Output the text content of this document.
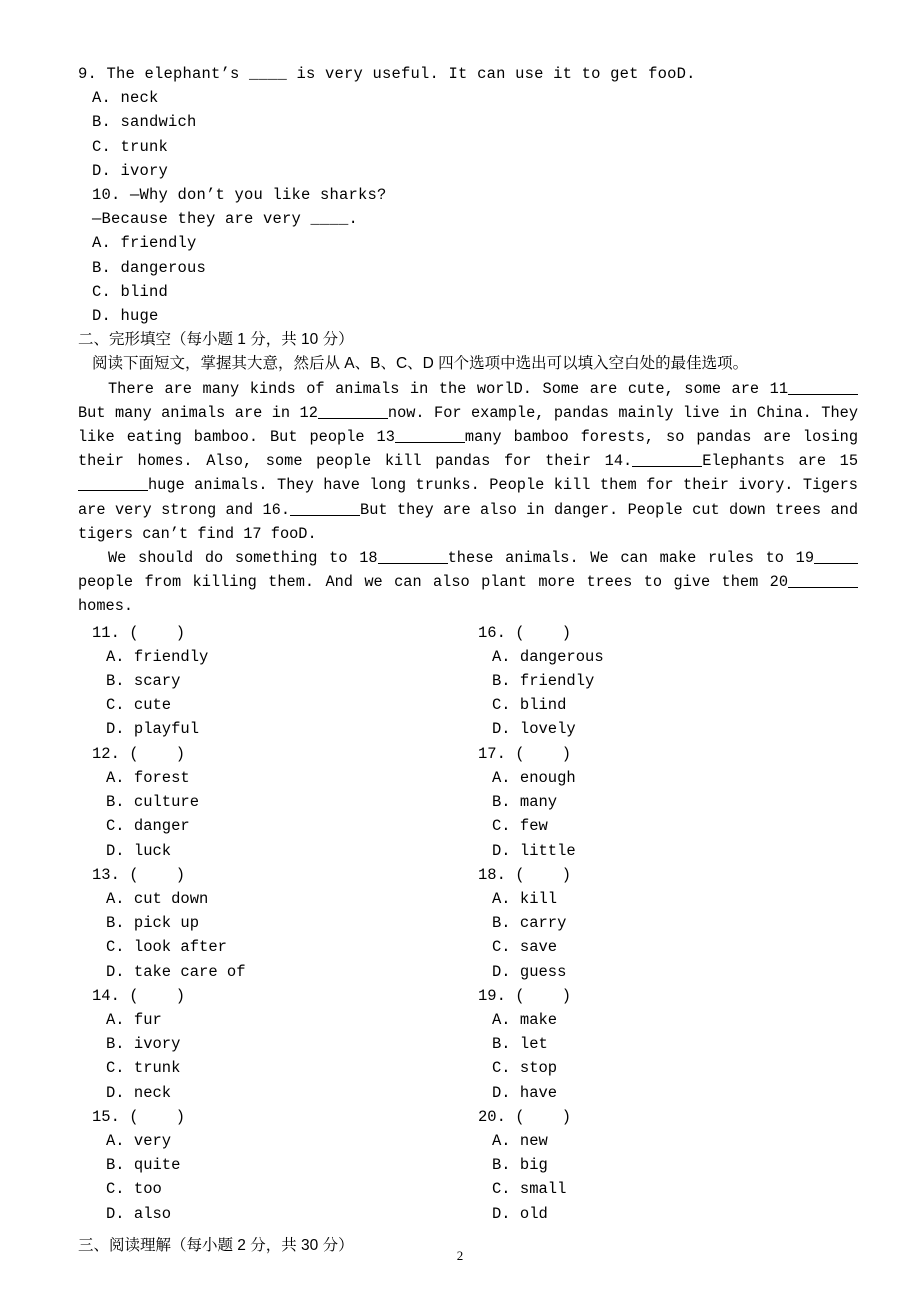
9. The elephant’s ____ is very useful. It can use it to get fooD.

A. neck

B. sandwich

C. trunk

D. ivory

10. —Why don’t you like sharks?

—Because they are very ____.

A. friendly

B. dangerous

C. blind

D. huge

二、完形填空（每小题 1 分，共 10 分）

阅读下面短文，掌握其大意，然后从 A、B、C、D 四个选项中选出可以填入空白处的最佳选项。

There are many kinds of animals in the worlD. Some are cute, some are 11But many animals are in 12	now. For example, pandas mainly live in China. They like eating bamboo. But people 13	many bamboo forests, so pandas are losing their homes. Also, some people kill pandas for their 14.	Elephants are 15huge animals. They have long trunks. People kill them for their ivory. Tigers are very strong and 16.	But they are also in danger. People cut down trees and tigers can’t find 17 fooD.

We should do something to 18	these animals. We can make rules to 19people from killing them. And we can also plant more trees to give them 20homes.

11. (    )

A. friendly

B. scary

C. cute

D. playful

12. (    )

A. forest

B. culture

C. danger

D. luck

13. (    )

A. cut down

B. pick up

C. look after

D. take care of

14. (    )

A. fur

B. ivory

C. trunk

D. neck

15. (    )

A. very

B. quite

C. too

D. also

16. (    )

A. dangerous

B. friendly

C. blind

D. lovely

17. (    )

A. enough

B. many

C. few

D. little

18. (    )

A. kill

B. carry

C. save

D. guess

19. (    )

A. make

B. let

C. stop

D. have

20. (    )

A. new

B. big

C. small

D. old

三、阅读理解（每小题 2 分，共 30 分）

2
